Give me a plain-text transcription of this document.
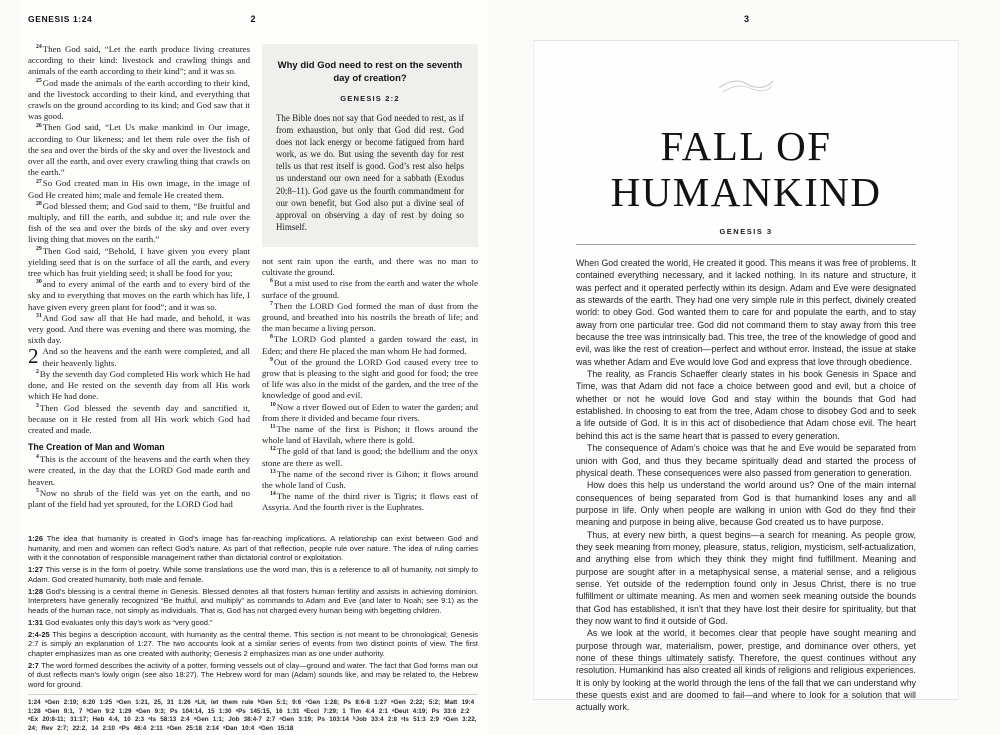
GENESIS 1:24	2

$^{24}$Then God said, “Let the earth produce living creatures according to their kind: livestock and crawling things and animals of the earth according to their kind”; and it was so.

$^{25}$God made the animals of the earth according to their kind, and the livestock according to their kind, and everything that crawls on the ground according to its kind; and God saw that it was good.

$^{26}$Then God said, “Let Us make mankind in Our image, according to Our likeness; and let them rule over the fish of the sea and over the birds of the sky and over the livestock and over all the earth, and over every crawling thing that crawls on the earth.”

$^{27}$So God created man in His own image, in the image of God He created him; male and female He created them.

$^{28}$God blessed them; and God said to them, “Be fruitful and multiply, and fill the earth, and subdue it; and rule over the fish of the sea and over the birds of the sky and over every living thing that moves on the earth.”

$^{29}$Then God said, “Behold, I have given you every plant yielding seed that is on the surface of all the earth, and every tree which has fruit yielding seed; it shall be food for you;

$^{30}$and to every animal of the earth and to every bird of the sky and to everything that moves on the earth which has life, I have given every green plant for food”; and it was so.

$^{31}$And God saw all that He had made, and behold, it was very good. And there was evening and there was morning, the sixth day.

2 And so the heavens and the earth were completed, and all their heavenly lights.

$^2$By the seventh day God completed His work which He had done, and He rested on the seventh day from all His work which He had done.

$^3$Then God blessed the seventh day and sanctified it, because on it He rested from all His work which God had created and made.

The Creation of Man and Woman

$^4$This is the account of the heavens and the earth when they were created, in the day that the LORD God made earth and heaven.

$^5$Now no shrub of the field was yet on the earth, and no plant of the field had yet sprouted, for the LORD God had

Why did God need to rest on the seventh day of creation?

GENESIS 2:2

The Bible does not say that God needed to rest, as if from exhaustion, but only that God did rest. God does not lack energy or become fatigued from hard work, as we do. But using the seventh day for rest tells us that rest itself is good. God’s rest also helps us understand our own need for a sabbath (Exodus 20:8–11). God gave us the fourth commandment for our own benefit, but God also put a divine seal of approval on observing a day of rest by doing so Himself.

not sent rain upon the earth, and there was no man to cultivate the ground.

$^6$But a mist used to rise from the earth and water the whole surface of the ground.

$^7$Then the LORD God formed the man of dust from the ground, and breathed into his nostrils the breath of life; and the man became a living person.

$^8$The LORD God planted a garden toward the east, in Eden; and there He placed the man whom He had formed.

$^9$Out of the ground the LORD God caused every tree to grow that is pleasing to the sight and good for food; the tree of life was also in the midst of the garden, and the tree of the knowledge of good and evil.

$^{10}$Now a river flowed out of Eden to water the garden; and from there it divided and became four rivers.

$^{11}$The name of the first is Pishon; it flows around the whole land of Havilah, where there is gold.

$^{12}$The gold of that land is good; the bdellium and the onyx stone are there as well.

$^{13}$The name of the second river is Gihon; it flows around the whole land of Cush.

$^{14}$The name of the third river is Tigris; it flows east of Assyria. And the fourth river is the Euphrates.

1:26 The idea that humanity is created in God’s image has far-reaching implications. A relationship can exist between God and humanity, and men and women can reflect God’s nature. As part of that reflection, people rule over nature. The idea of ruling carries with it the connotation of responsible management rather than dictatorial control or exploitation.

1:27 This verse is in the form of poetry. While some translations use the word man, this is a reference to all of humanity, not simply to Adam. God created humanity, both male and female.

1:28 God’s blessing is a central theme in Genesis. Blessed denotes all that fosters human fertility and assists in achieving dominion. Interpreters have generally recognized “Be fruitful, and multiply” as commands to Adam and Eve (and later to Noah; see 9:1) as the heads of the human race, not simply as individuals. That is, God has not charged every human being with begetting children.

1:31 God evaluates only this day’s work as “very good.”

2:4-25 This begins a description account, with humanity as the central theme. This section is not meant to be chronological; Genesis 2:7 is simply an explanation of 1:27. The two accounts look at a similar series of events from two distinct points of view. The first chapter emphasizes man as one created with authority; Genesis 2 emphasizes man as one under authority.

2:7 The word formed describes the activity of a potter, forming vessels out of clay—ground and water. The fact that God forms man out of dust reflects man’s lowly origin (see also 18:27). The Hebrew word for man (Adam) sounds like, and may be related to, the Hebrew word for ground.

1:24 ᵃGen 2:19; 6:20 1:25 ᵃGen 1:21, 25, 31 1:26 ᵃLit, let them rule ᵇGen 5:1; 9:6 ᶜGen 1:28; Ps 8:6-8 1:27 ᵃGen 2:22; 5:2; Matt 19:4 1:28 ᵃGen 9:1, 7 ᵇGen 9:2 1:29 ᵃGen 9:3; Ps 104:14, 15 1:30 ᵃPs 145:15, 16 1:31 ᵃEccl 7:29; 1 Tim 4:4 2:1 ᵃDeut 4:19; Ps 33:6 2:2 ᵃEx 20:8-11; 31:17; Heb 4:4, 10 2:3 ᵃIs 58:13 2:4 ᵃGen 1:1; Job 38:4-7 2:7 ᵃGen 3:19; Ps 103:14 ᵇJob 33:4 2:8 ᵃIs 51:3 2:9 ᵃGen 3:22, 24; Rev 2:7; 22:2, 14 2:10 ᵃPs 46:4 2:11 ᵃGen 25:18 2:14 ᵃDan 10:4 ᵃGen 15:18

3
FALL OF
HUMANKIND
GENESIS 3

When God created the world, He created it good. This means it was free of problems. It contained everything necessary, and it lacked nothing. In its nature and structure, it was perfect and it operated perfectly within its design. Adam and Eve were designated as stewards of the earth. They had one very simple rule in this perfect, divinely created world: to obey God. God wanted them to care for and populate the earth, and to stay away from one particular tree. God did not command them to stay away from this tree because the tree was intrinsically bad. This tree, the tree of the knowledge of good and evil, was like the rest of creation—perfect and without error. Instead, the issue at stake was whether Adam and Eve would love God and express that love through obedience.

The reality, as Francis Schaeffer clearly states in his book Genesis in Space and Time, was that Adam did not face a choice between good and evil, but a choice of whether or not he would love God and stay within the bounds that God had established. In choosing to eat from the tree, Adam chose to disobey God and to seek a life outside of God. It is in this act of disobedience that Adam chose evil. The heart behind this act is the same heart that is passed to every generation.

The consequence of Adam’s choice was that he and Eve would be separated from union with God, and thus they became spiritually dead and started the process of physical death. These consequences were also passed from generation to generation.

How does this help us understand the world around us? One of the main internal consequences of being separated from God is that humankind loses any and all purpose in life. Only when people are walking in union with God do they find their meaning and purpose in being alive, because God created us to have purpose.

Thus, at every new birth, a quest begins—a search for meaning. As people grow, they seek meaning from money, pleasure, status, religion, mysticism, self-actualization, and anything else from which they think they might find fulfillment. Meaning and purpose are sought after in a metaphysical sense, a material sense, and a religious sense. Yet outside of the redemption found only in Jesus Christ, there is no true fulfillment or ultimate meaning. As men and women seek meaning outside the bounds that God has established, it isn’t that they have lost their desire for spirituality, but that they now want to find it outside of God.

As we look at the world, it becomes clear that people have sought meaning and purpose through war, materialism, power, prestige, and dominance over others, yet none of these things ultimately satisfy. Therefore, the quest continues without any resolution. Humankind has also created all kinds of religions and religious experiences. It is only by looking at the world through the lens of the fall that we can understand why these quests exist and are doomed to fail—and where to look for a solution that will actually work.
